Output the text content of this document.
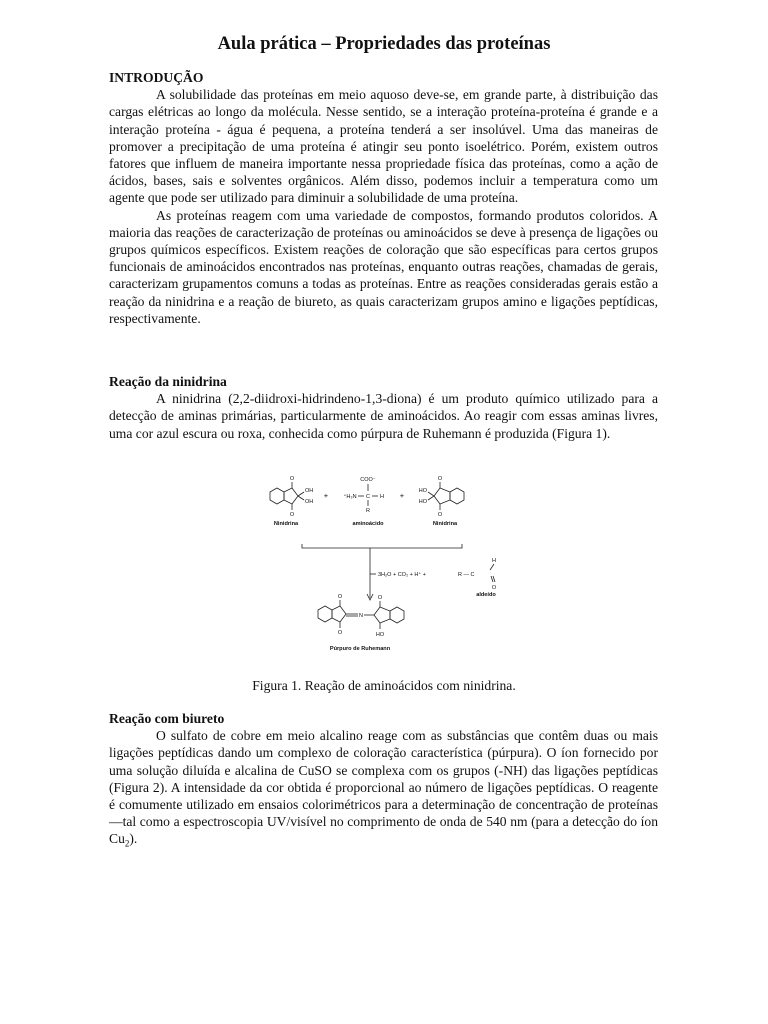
Aula prática – Propriedades das proteínas
INTRODUÇÃO

A solubilidade das proteínas em meio aquoso deve-se, em grande parte, à distribuição das cargas elétricas ao longo da molécula. Nesse sentido, se a interação proteína-proteína é grande e a interação proteína - água é pequena, a proteína tenderá a ser insolúvel. Uma das maneiras de promover a precipitação de uma proteína é atingir seu ponto isoelétrico. Porém, existem outros fatores que influem de maneira importante nessa propriedade física das proteínas, como a ação de ácidos, bases, sais e solventes orgânicos. Além disso, podemos incluir a temperatura como um agente que pode ser utilizado para diminuir a solubilidade de uma proteína.

As proteínas reagem com uma variedade de compostos, formando produtos coloridos. A maioria das reações de caracterização de proteínas ou aminoácidos se deve à presença de ligações ou grupos químicos específicos. Existem reações de coloração que são específicas para certos grupos funcionais de aminoácidos encontrados nas proteínas, enquanto outras reações, chamadas de gerais, caracterizam grupamentos comuns a todas as proteínas. Entre as reações consideradas gerais estão a reação da ninidrina e a reação de biureto, as quais caracterizam grupos amino e ligações peptídicas, respectivamente.

Reação da ninidrina

A ninidrina (2,2-diidroxi-hidrindeno-1,3-diona) é um produto químico utilizado para a detecção de aminas primárias, particularmente de aminoácidos. Ao reagir com essas aminas livres, uma cor azul escura ou roxa, conhecida como púrpura de Ruhemann é produzida (Figura 1).

O
O
OH
OH
Ninidrina
+
COO⁻
⁺H₃N C H
R
aminoácido
+
O
O
HO
HO
Ninidrina
3H₂O + CO₂ + H⁺ +	R — C
H
O
aldeído
O
O
N
O
HO
Púrpuro de Ruhemann
Figura 1. Reação de aminoácidos com ninidrina.
Reação com biureto

O sulfato de cobre em meio alcalino reage com as substâncias que contêm duas ou mais ligações peptídicas dando um complexo de coloração característica (púrpura). O íon fornecido por uma solução diluída e alcalina de CuSO se complexa com os grupos (-NH) das ligações peptídicas (Figura 2). A intensidade da cor obtida é proporcional ao número de ligações peptídicas. O reagente é comumente utilizado em ensaios colorimétricos para a determinação de concentração de proteínas—tal como a espectroscopia UV/visível no comprimento de onda de 540 nm (para a detecção do íon $Cu_2$).
